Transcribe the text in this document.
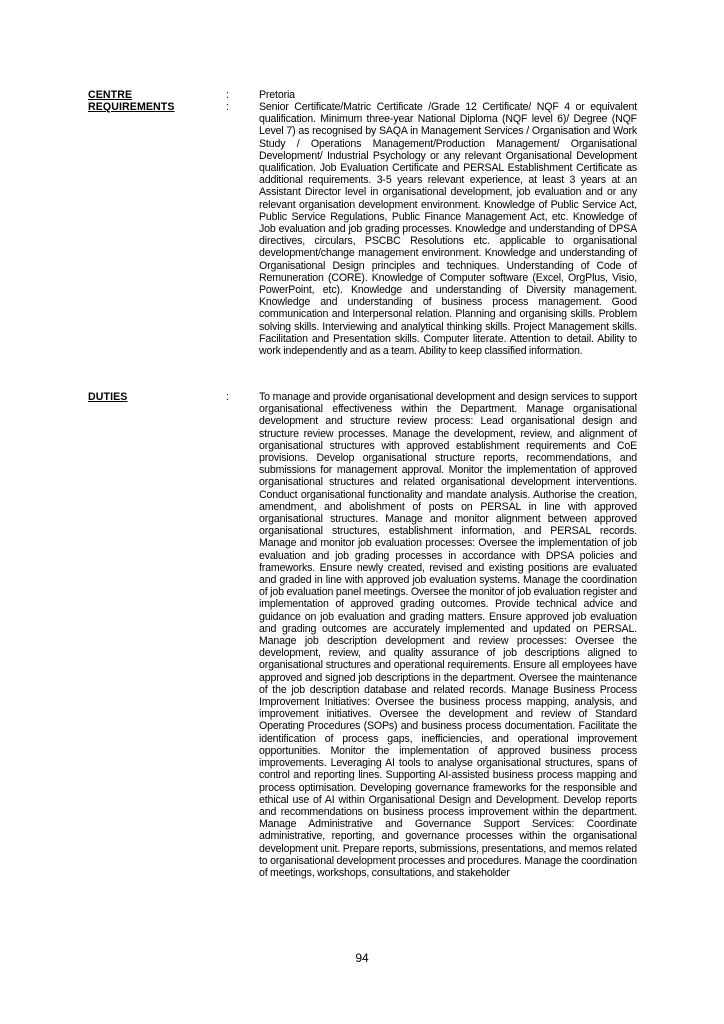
CENTRE	:	Pretoria
REQUIREMENTS	:	Senior Certificate/Matric Certificate /Grade 12 Certificate/ NQF 4 or equivalent qualification. Minimum three-year National Diploma (NQF level 6)/ Degree (NQF Level 7) as recognised by SAQA in Management Services / Organisation and Work Study / Operations Management/Production Management/ Organisational Development/ Industrial Psychology or any relevant Organisational Development qualification. Job Evaluation Certificate and PERSAL Establishment Certificate as additional requirements. 3-5 years relevant experience, at least 3 years at an Assistant Director level in organisational development, job evaluation and or any relevant organisation development environment. Knowledge of Public Service Act, Public Service Regulations, Public Finance Management Act, etc. Knowledge of Job evaluation and job grading processes. Knowledge and understanding of DPSA directives, circulars, PSCBC Resolutions etc. applicable to organisational development/change management environment. Knowledge and understanding of Organisational Design principles and techniques. Understanding of Code of Remuneration (CORE). Knowledge of Computer software (Excel, OrgPlus, Visio, PowerPoint, etc). Knowledge and understanding of Diversity management. Knowledge and understanding of business process management. Good communication and Interpersonal relation. Planning and organising skills. Problem solving skills. Interviewing and analytical thinking skills. Project Management skills. Facilitation and Presentation skills. Computer literate. Attention to detail. Ability to work independently and as a team. Ability to keep classified information.
DUTIES	:	To manage and provide organisational development and design services to support organisational effectiveness within the Department. Manage organisational development and structure review process: Lead organisational design and structure review processes. Manage the development, review, and alignment of organisational structures with approved establishment requirements and CoE provisions. Develop organisational structure reports, recommendations, and submissions for management approval. Monitor the implementation of approved organisational structures and related organisational development interventions. Conduct organisational functionality and mandate analysis. Authorise the creation, amendment, and abolishment of posts on PERSAL in line with approved organisational structures. Manage and monitor alignment between approved organisational structures, establishment information, and PERSAL records. Manage and monitor job evaluation processes: Oversee the implementation of job evaluation and job grading processes in accordance with DPSA policies and frameworks. Ensure newly created, revised and existing positions are evaluated and graded in line with approved job evaluation systems. Manage the coordination of job evaluation panel meetings. Oversee the monitor of job evaluation register and implementation of approved grading outcomes. Provide technical advice and guidance on job evaluation and grading matters. Ensure approved job evaluation and grading outcomes are accurately implemented and updated on PERSAL. Manage job description development and review processes: Oversee the development, review, and quality assurance of job descriptions aligned to organisational structures and operational requirements. Ensure all employees have approved and signed job descriptions in the department. Oversee the maintenance of the job description database and related records. Manage Business Process Improvement Initiatives: Oversee the business process mapping, analysis, and improvement initiatives. Oversee the development and review of Standard Operating Procedures (SOPs) and business process documentation. Facilitate the identification of process gaps, inefficiencies, and operational improvement opportunities. Monitor the implementation of approved business process improvements. Leveraging AI tools to analyse organisational structures, spans of control and reporting lines. Supporting AI-assisted business process mapping and process optimisation. Developing governance frameworks for the responsible and ethical use of AI within Organisational Design and Development. Develop reports and recommendations on business process improvement within the department. Manage Administrative and Governance Support Services: Coordinate administrative, reporting, and governance processes within the organisational development unit. Prepare reports, submissions, presentations, and memos related to organisational development processes and procedures. Manage the coordination of meetings, workshops, consultations, and stakeholder
94
